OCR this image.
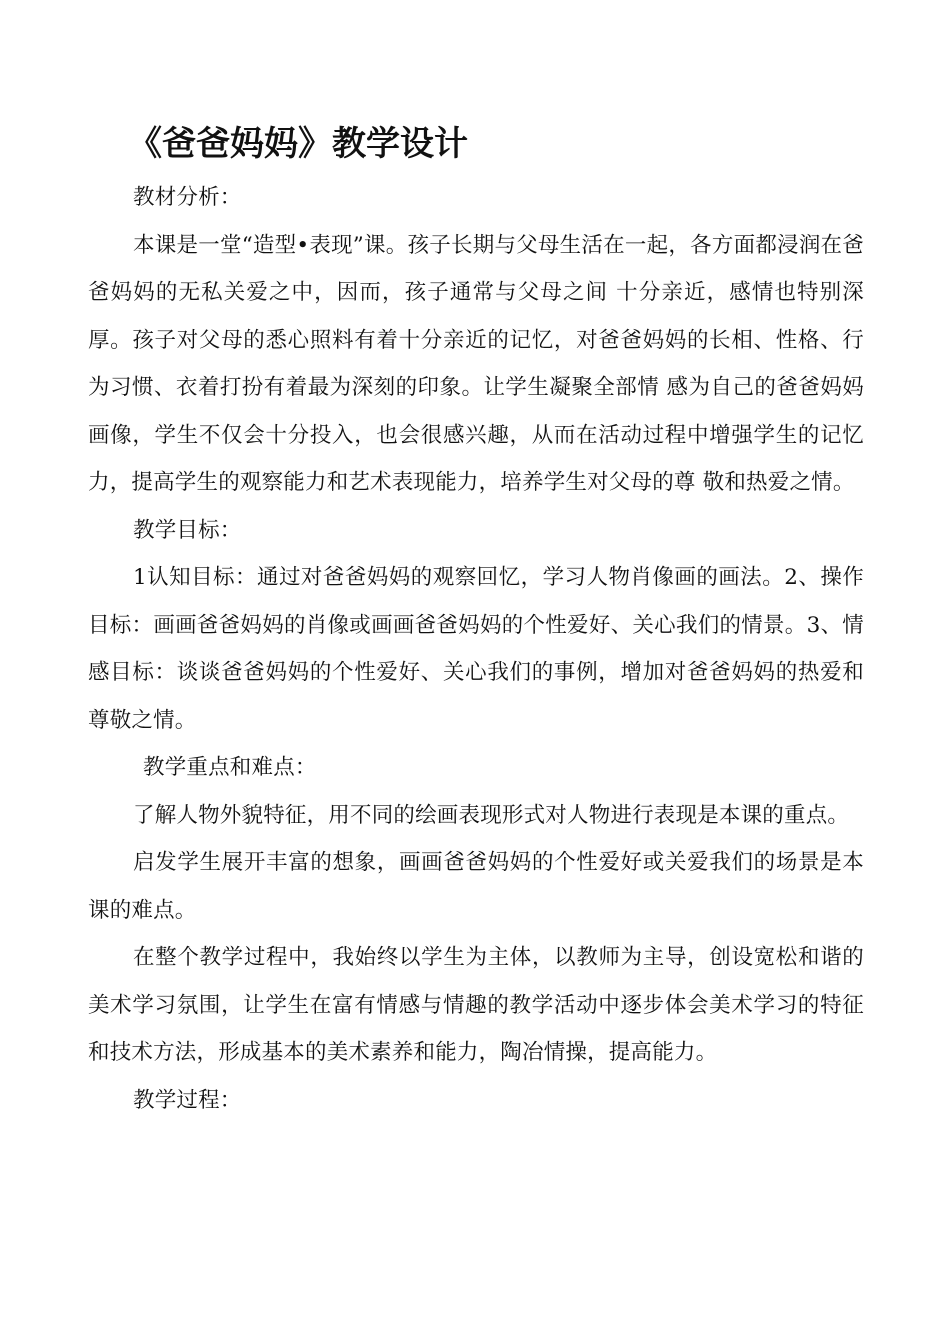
《爸爸妈妈》教学设计

教材分析：

本课是一堂“造型•表现”课。孩子长期与父母生活在一起，各方面都浸润在爸爸妈妈的无私关爱之中，因而，孩子通常与父母之间 十分亲近，感情也特别深厚。孩子对父母的悉心照料有着十分亲近的记忆，对爸爸妈妈的长相、性格、行为习惯、衣着打扮有着最为深刻的印象。让学生凝聚全部情 感为自己的爸爸妈妈画像，学生不仅会十分投入，也会很感兴趣，从而在活动过程中增强学生的记忆力，提高学生的观察能力和艺术表现能力，培养学生对父母的尊 敬和热爱之情。

教学目标：

1认知目标：通过对爸爸妈妈的观察回忆，学习人物肖像画的画法。2、操作目标：画画爸爸妈妈的肖像或画画爸爸妈妈的个性爱好、关心我们的情景。3、情感目标：谈谈爸爸妈妈的个性爱好、关心我们的事例，增加对爸爸妈妈的热爱和尊敬之情。

教学重点和难点：

了解人物外貌特征，用不同的绘画表现形式对人物进行表现是本课的重点。

启发学生展开丰富的想象，画画爸爸妈妈的个性爱好或关爱我们的场景是本课的难点。

在整个教学过程中，我始终以学生为主体，以教师为主导，创设宽松和谐的美术学习氛围，让学生在富有情感与情趣的教学活动中逐步体会美术学习的特征和技术方法，形成基本的美术素养和能力，陶冶情操，提高能力。

教学过程：
